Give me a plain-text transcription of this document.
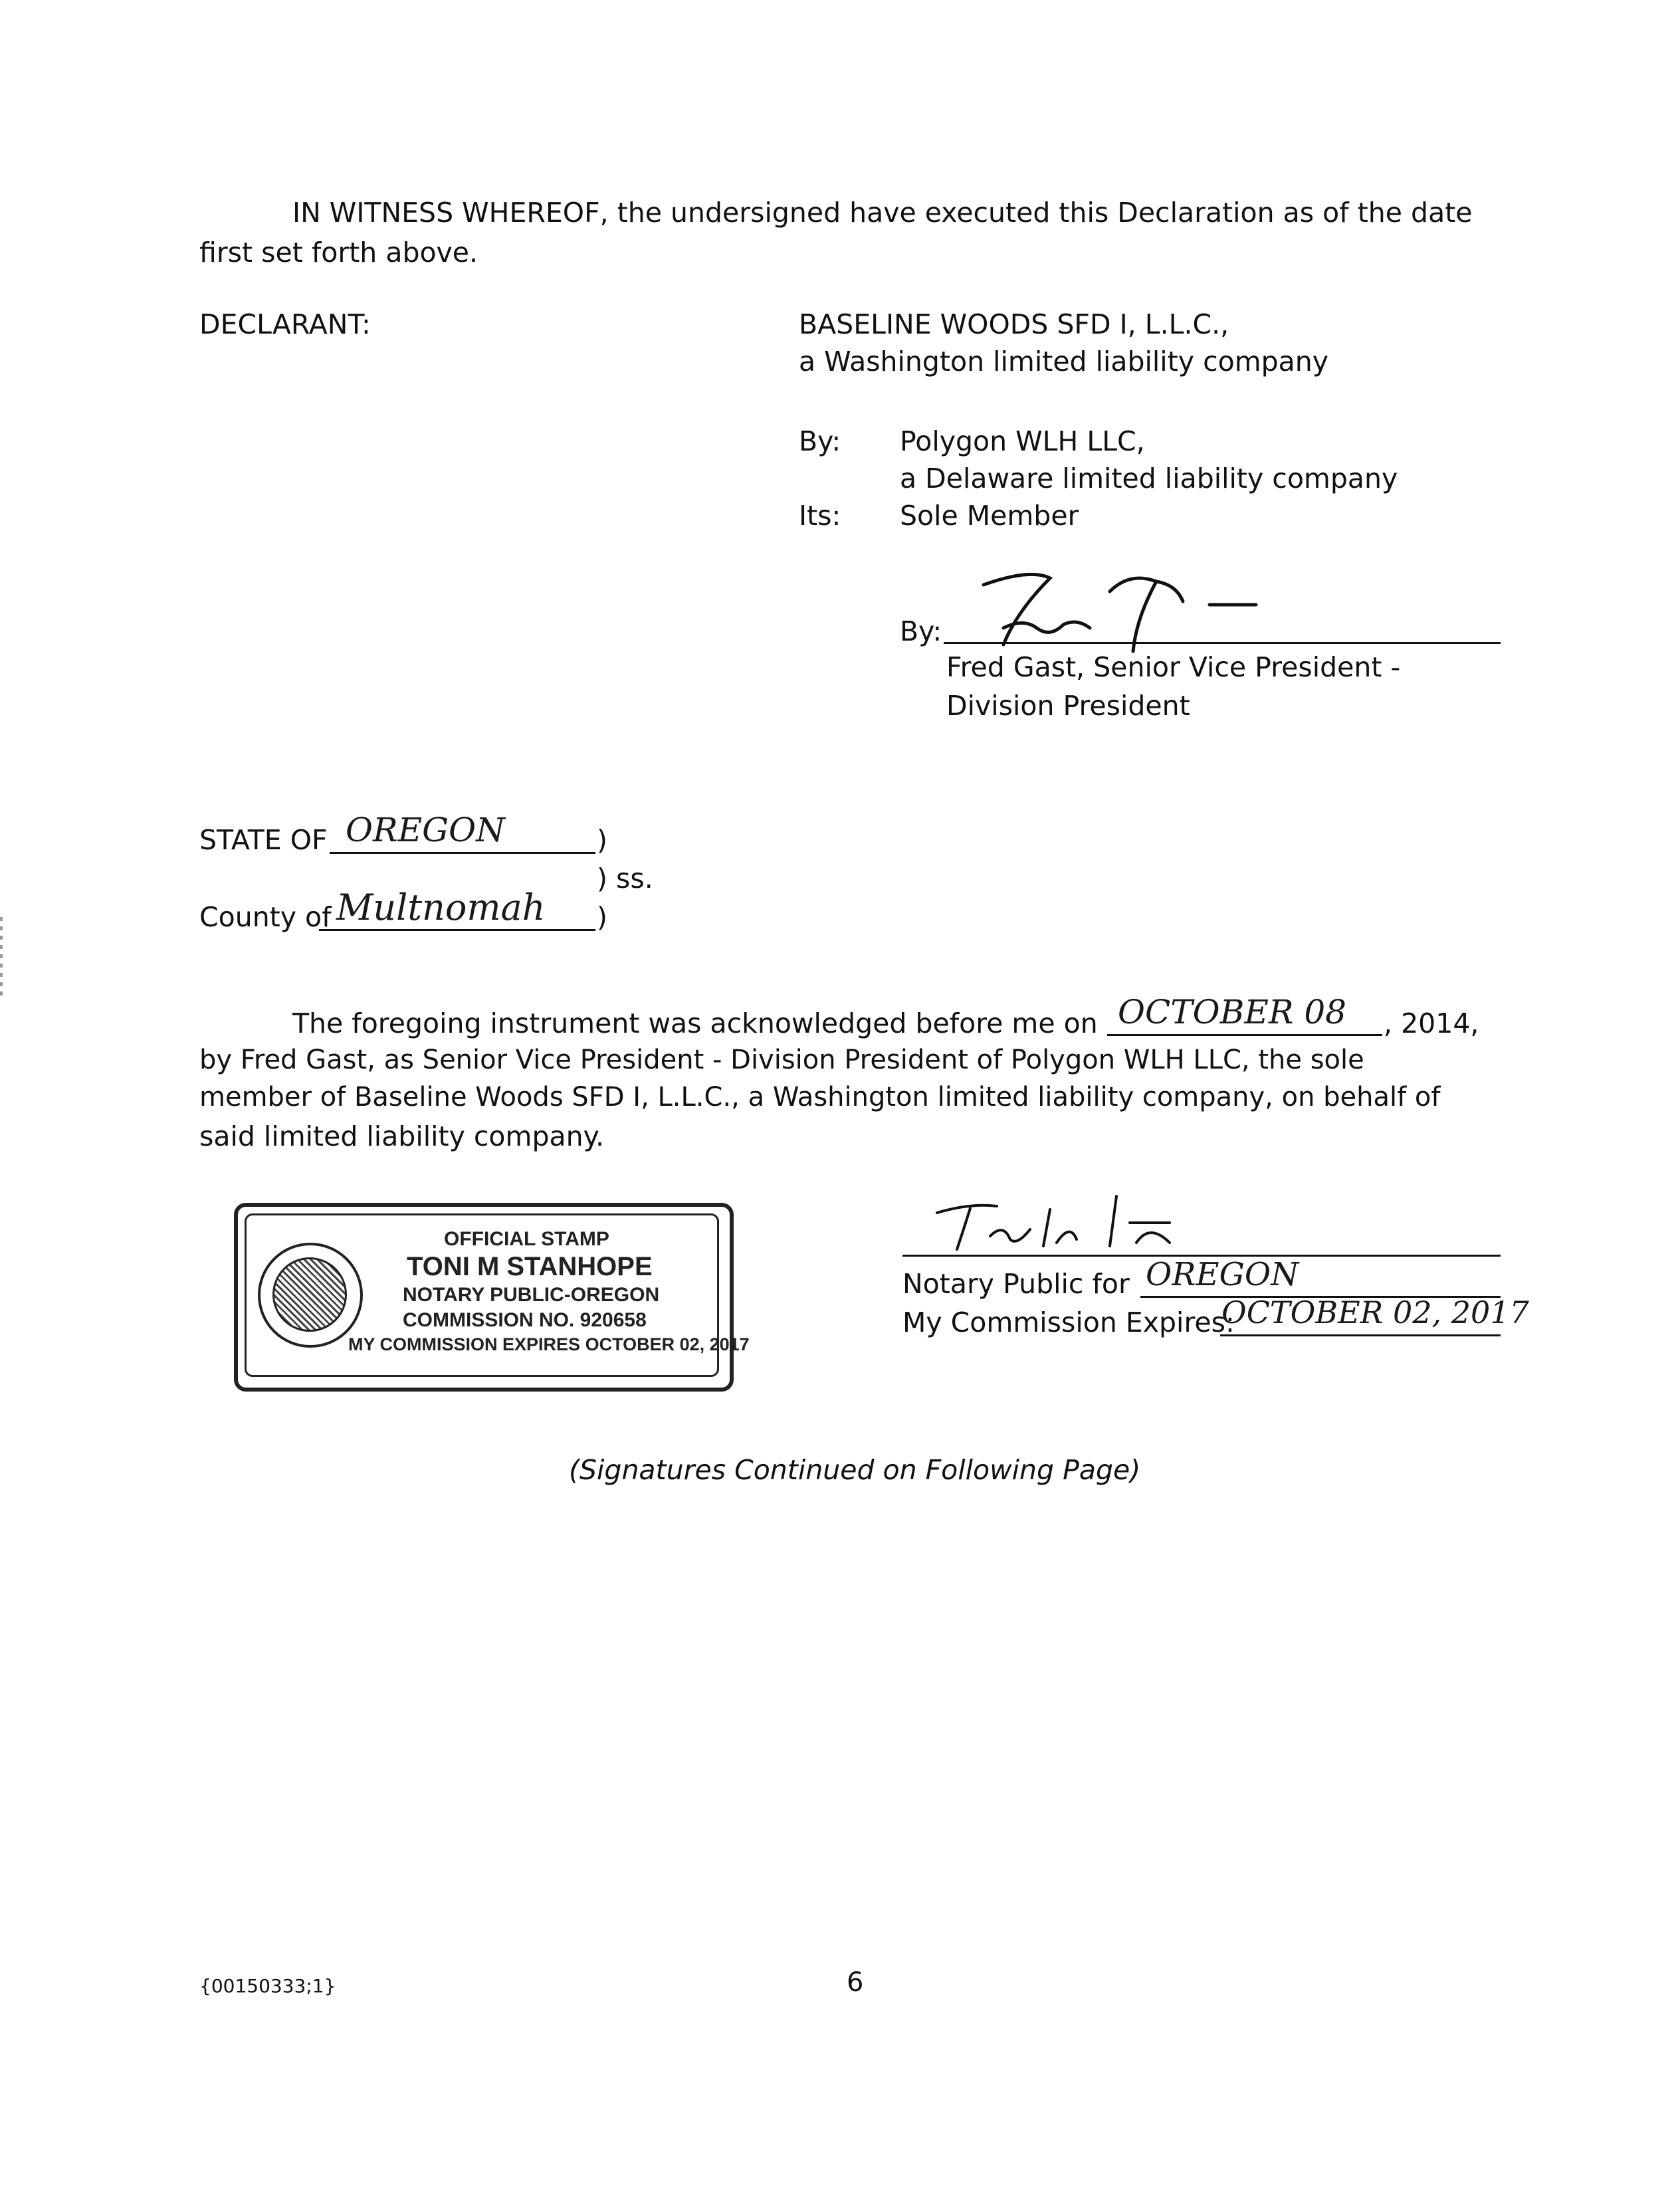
IN WITNESS WHEREOF, the undersigned have executed this Declaration as of the date
first set forth above.
DECLARANT:	BASELINE WOODS SFD I, L.L.C.,
a Washington limited liability company
By: Polygon WLH LLC,
a Delaware limited liability company
Its: Sole Member
By:
Fred Gast, Senior Vice President -
Division President
STATE OF OREGON	)
) ss.
County of Multnomah )
The foregoing instrument was acknowledged before me on OCTOBER 08 , 2014,
by Fred Gast, as Senior Vice President - Division President of Polygon WLH LLC, the sole
member of Baseline Woods SFD I, L.L.C., a Washington limited liability company, on behalf of
said limited liability company.
OFFICIAL STAMP
TONI M STANHOPE
NOTARY PUBLIC-OREGON
COMMISSION NO. 920658
MY COMMISSION EXPIRES OCTOBER 02, 2017
Notary Public for OREGON
My Commission Expires:
OCTOBER 02, 2017
(Signatures Continued on Following Page)
{00150333;1}	6
